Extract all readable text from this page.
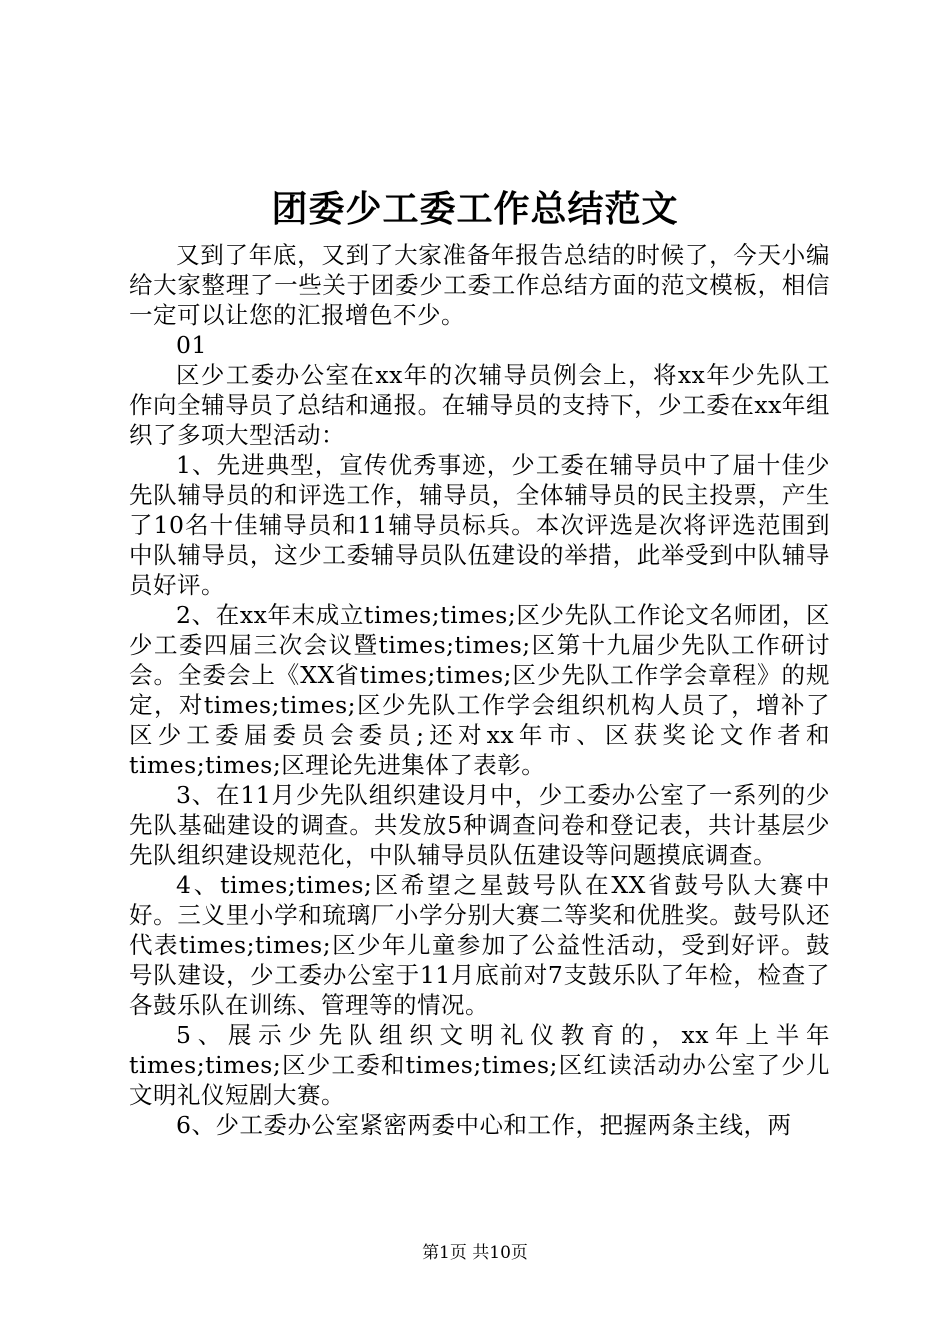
团委少工委工作总结范文

又到了年底，又到了大家准备年报告总结的时候了，今天小编给大家整理了一些关于团委少工委工作总结方面的范文模板，相信一定可以让您的汇报增色不少。

01

区少工委办公室在xx年的次辅导员例会上，将xx年少先队工作向全辅导员了总结和通报。在辅导员的支持下，少工委在xx年组织了多项大型活动：

1、先进典型，宣传优秀事迹，少工委在辅导员中了届十佳少先队辅导员的和评选工作，辅导员，全体辅导员的民主投票，产生了10名十佳辅导员和11辅导员标兵。本次评选是次将评选范围到中队辅导员，这少工委辅导员队伍建设的举措，此举受到中队辅导员好评。

2、在xx年末成立times;times;区少先队工作论文名师团，区少工委四届三次会议暨times;times;区第十九届少先队工作研讨会。全委会上《XX省times;times;区少先队工作学会章程》的规定，对times;times;区少先队工作学会组织机构人员了，增补了区少工委届委员会委员;还对xx年市、区获奖论文作者和times;times;区理论先进集体了表彰。

3、在11月少先队组织建设月中，少工委办公室了一系列的少先队基础建设的调查。共发放5种调查问卷和登记表，共计基层少先队组织建设规范化，中队辅导员队伍建设等问题摸底调查。

4、times;times;区希望之星鼓号队在XX省鼓号队大赛中好。三义里小学和琉璃厂小学分别大赛二等奖和优胜奖。鼓号队还代表times;times;区少年儿童参加了公益性活动，受到好评。鼓号队建设，少工委办公室于11月底前对7支鼓乐队了年检，检查了各鼓乐队在训练、管理等的情况。

5、展示少先队组织文明礼仪教育的，xx年上半年times;times;区少工委和times;times;区红读活动办公室了少儿文明礼仪短剧大赛。

6、少工委办公室紧密两委中心和工作，把握两条主线，两

第1页 共10页
